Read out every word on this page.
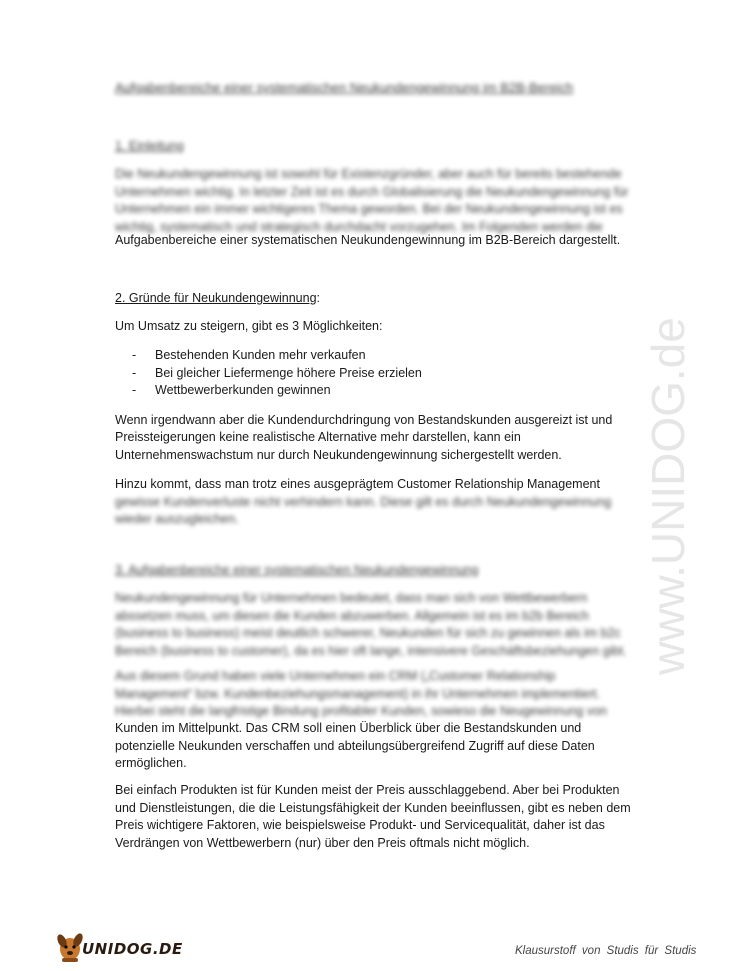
www.UNIDOG.de
Aufgabenbereiche einer systematischen Neukundengewinnung im B2B-Bereich

1. Einleitung

Die Neukundengewinnung ist sowohl für Existenzgründer, aber auch für bereits bestehende Unternehmen wichtig. In letzter Zeit ist es durch Globalisierung die Neukundengewinnung für Unternehmen ein immer wichtigeres Thema geworden. Bei der Neukundengewinnung ist es wichtig, systematisch und strategisch durchdacht vorzugehen. Im Folgenden werden die

Aufgabenbereiche einer systematischen Neukundengewinnung im B2B-Bereich dargestellt.
2. Gründe für Neukundengewinnung:

Um Umsatz zu steigern, gibt es 3 Möglichkeiten:

- Bestehenden Kunden mehr verkaufen
- Bei gleicher Liefermenge höhere Preise erzielen
- Wettbewerberkunden gewinnen

Wenn irgendwann aber die Kundendurchdringung von Bestandskunden ausgereizt ist und Preissteigerungen keine realistische Alternative mehr darstellen, kann ein Unternehmenswachstum nur durch Neukundengewinnung sichergestellt werden.

Hinzu kommt, dass man trotz eines ausgeprägtem Customer Relationship Management

gewisse Kundenverluste nicht verhindern kann. Diese gilt es durch Neukundengewinnung wieder auszugleichen.

3. Aufgabenbereiche einer systematischen Neukundengewinnung

Neukundengewinnung für Unternehmen bedeutet, dass man sich von Wettbewerbern abssetzen muss, um diesen die Kunden abzuwerben. Allgemein ist es im b2b Bereich (business to business) meist deutlich schwerer, Neukunden für sich zu gewinnen als im b2c Bereich (business to customer), da es hier oft lange, intensivere Geschäftsbeziehungen gibt.

Aus diesem Grund haben viele Unternehmen ein CRM („Customer Relationship Management“ bzw. Kundenbeziehungsmanagement) in ihr Unternehmen implementiert. Hierbei steht die langfristige Bindung profitabler Kunden, sowieso die Neugewinnung von

Kunden im Mittelpunkt. Das CRM soll einen Überblick über die Bestandskunden und potenzielle Neukunden verschaffen und abteilungsübergreifend Zugriff auf diese Daten ermöglichen.

Bei einfach Produkten ist für Kunden meist der Preis ausschlaggebend. Aber bei Produkten und Dienstleistungen, die die Leistungsfähigkeit der Kunden beeinflussen, gibt es neben dem Preis wichtigere Faktoren, wie beispielsweise Produkt- und Servicequalität, daher ist das Verdrängen von Wettbewerbern (nur) über den Preis oftmals nicht möglich.

UNIDOG.DE	Klausurstoff von Studis für Studis
